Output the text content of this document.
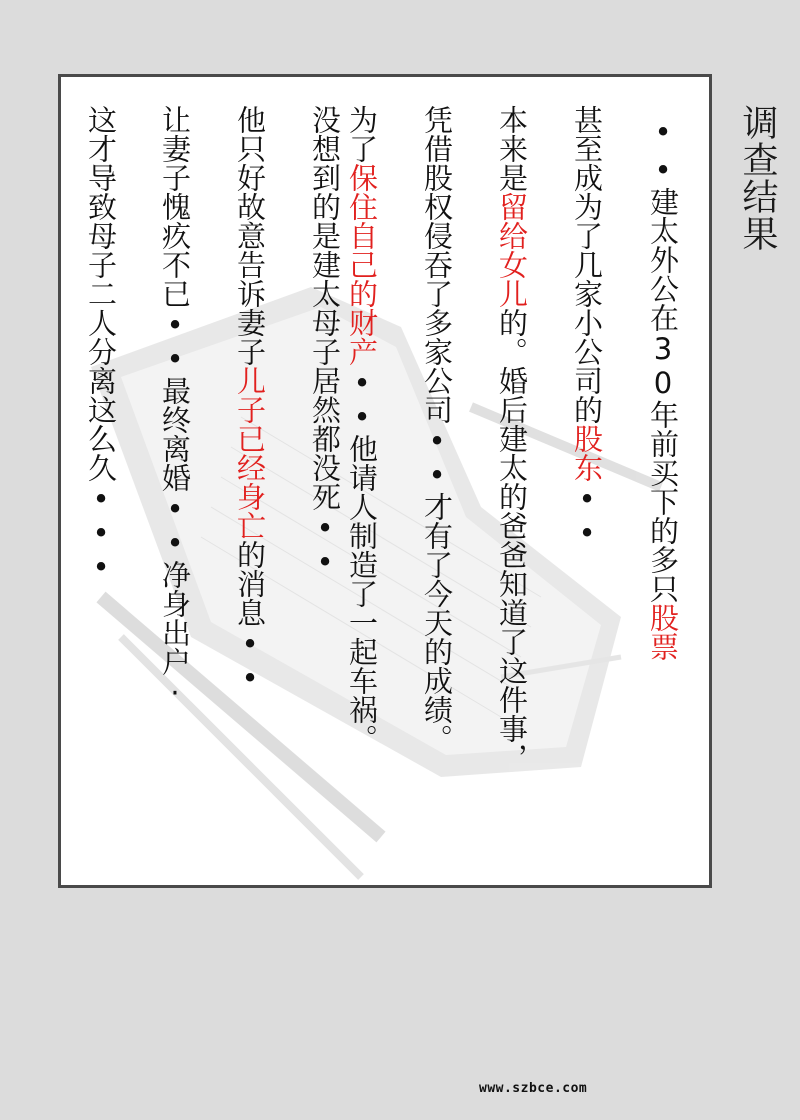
•
•建太外公在30年前买下的多只股票
甚至成为了几家小公司的股东••
本来是留给女儿的。婚后建太的爸爸知道了这件事，
凭借股权侵吞了多家公司••才有了今天的成绩。
为了保住自己的财产••他请人制造了一起车祸。
没想到的是建太母子居然都没死••
他只好故意告诉妻子儿子已经身亡的消息••
让妻子愧疚不已••最终离婚••净身出户·
这才导致母子二人分离这么久•••	调查结果
www.szbce.com
